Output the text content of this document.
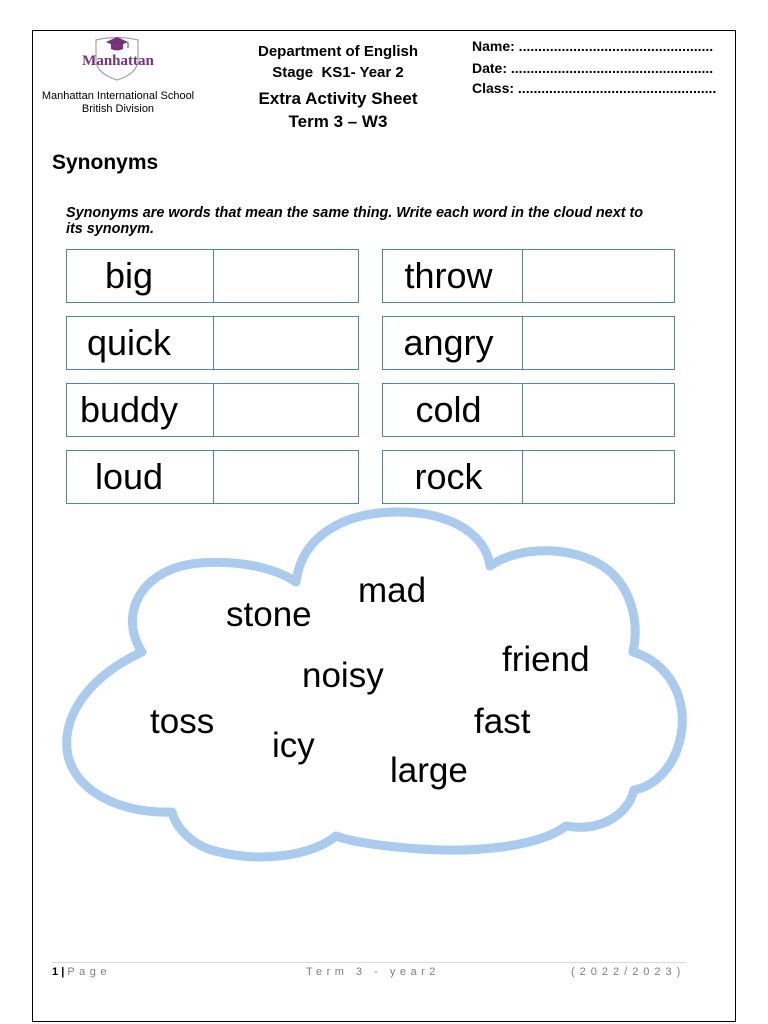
Manhattan
Manhattan International School
British Division
Department of English
Stage  KS1- Year 2
Extra Activity Sheet
Term 3 – W3
Name: ..................................................
Date: ....................................................
Class: ...................................................
Synonyms
Synonyms are words that mean the same thing. Write each word in the cloud next to its synonym.
big
quick
buddy
loud
throw
angry
cold
rock
mad
stone
friend
noisy
toss	fast
icy
large
1 | Page	Term 3 - year2	(2022/2023)
